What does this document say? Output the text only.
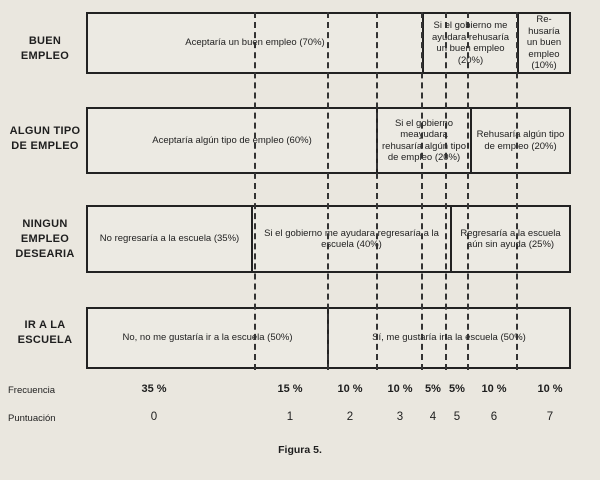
BUEN EMPLEO
ALGUN TIPO DE EMPLEO
NINGUN EMPLEO DESEARIA
IR A LA ESCUELA
Aceptaría un buen empleo (70%)
Si el gobierno me ayudara rehusaría un buen empleo (20%)
Re-husaría un buen empleo (10%)
Aceptaría algún tipo de empleo (60%)
Si el gobierno meayudara rehusaría algún tipo de empleo (20%)
Rehusaría algún tipo de empleo (20%)
No regresaría a la escuela (35%)
Si el gobierno me ayudara regresaría a la escuela (40%)
Regresaría a la escuela aún sin ayuda (25%)
No, no me gustaría ir a la escuela (50%)	Sí, me gustaría ir a la escuela (50%)
Frecuencia	35 %	15 %	10 %	10 %	5% 5%	10 %	10 %
Puntuación	0	1	2	3	4	5	6	7
Figura 5.
